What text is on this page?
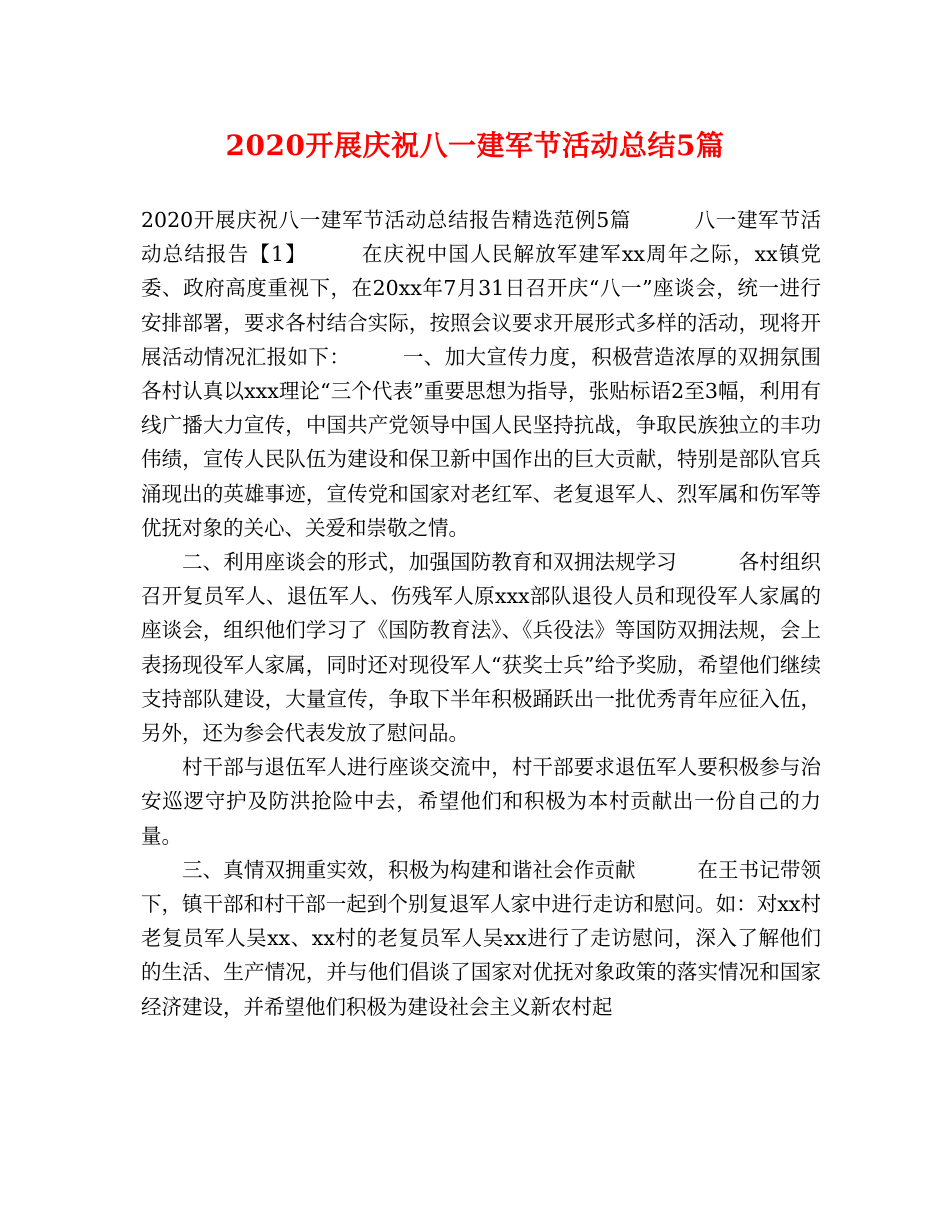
2020开展庆祝八一建军节活动总结5篇

2020开展庆祝八一建军节活动总结报告精选范例5篇　　　八一建军节活动总结报告【1】　　　在庆祝中国人民解放军建军xx周年之际，xx镇党委、政府高度重视下，在20xx年7月31日召开庆“八一”座谈会，统一进行安排部署，要求各村结合实际，按照会议要求开展形式多样的活动，现将开展活动情况汇报如下：　　　一、加大宣传力度，积极营造浓厚的双拥氛围　　　各村认真以xxx理论“三个代表”重要思想为指导，张贴标语2至3幅，利用有线广播大力宣传，中国共产党领导中国人民坚持抗战，争取民族独立的丰功伟绩，宣传人民队伍为建设和保卫新中国作出的巨大贡献，特别是部队官兵涌现出的英雄事迹，宣传党和国家对老红军、老复退军人、烈军属和伤军等优抚对象的关心、关爱和崇敬之情。

二、利用座谈会的形式，加强国防教育和双拥法规学习　　　各村组织召开复员军人、退伍军人、伤残军人原xxx部队退役人员和现役军人家属的座谈会，组织他们学习了《国防教育法》、《兵役法》等国防双拥法规，会上表扬现役军人家属，同时还对现役军人“获奖士兵”给予奖励，希望他们继续支持部队建设，大量宣传，争取下半年积极踊跃出一批优秀青年应征入伍，另外，还为参会代表发放了慰问品。

村干部与退伍军人进行座谈交流中，村干部要求退伍军人要积极参与治安巡逻守护及防洪抢险中去，希望他们和积极为本村贡献出一份自己的力量。

三、真情双拥重实效，积极为构建和谐社会作贡献　　　在王书记带领下，镇干部和村干部一起到个别复退军人家中进行走访和慰问。如：对xx村老复员军人吴xx、xx村的老复员军人吴xx进行了走访慰问，深入了解他们的生活、生产情况，并与他们倡谈了国家对优抚对象政策的落实情况和国家经济建设，并希望他们积极为建设社会主义新农村起
